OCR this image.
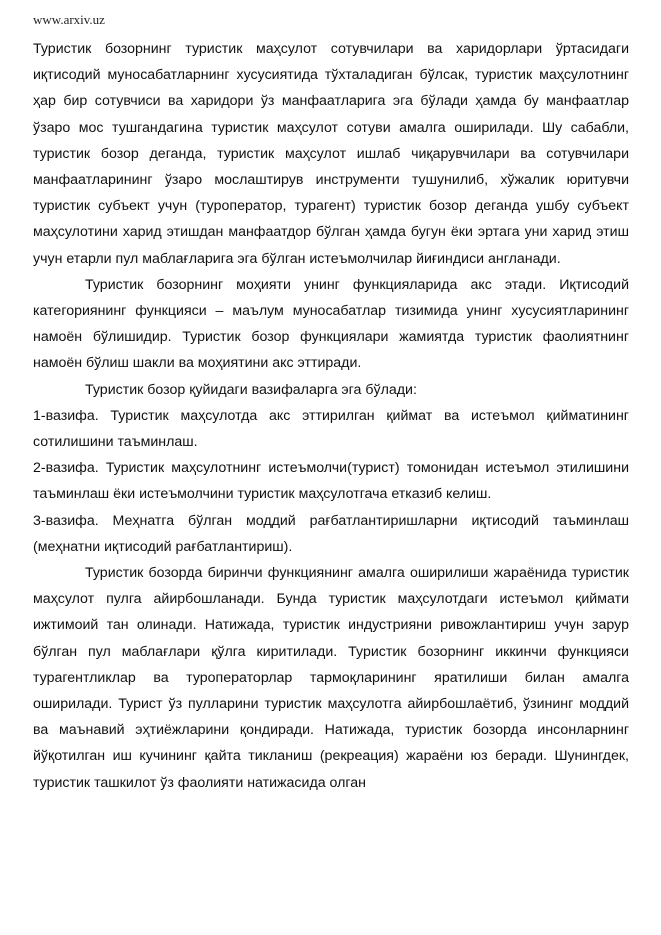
www.arxiv.uz

Туристик бозорнинг туристик маҳсулот сотувчилари ва харидорлари ўртасидаги иқтисодий муносабатларнинг хусусиятида тўхталадиган бўлсак, туристик маҳсулотнинг ҳар бир сотувчиси ва харидори ўз манфаатларига эга бўлади ҳамда бу манфаатлар ўзаро мос тушгандагина туристик маҳсулот сотуви амалга оширилади. Шу сабабли, туристик бозор деганда, туристик маҳсулот ишлаб чиқарувчилари ва сотувчилари манфаатларининг ўзаро мослаштирув инструменти тушунилиб, хўжалик юритувчи туристик субъект учун (туроператор, турагент) туристик бозор деганда ушбу субъект маҳсулотини харид этишдан манфаатдор бўлган ҳамда бугун ёки эртага уни харид этиш учун етарли пул маблағларига эга бўлган истеъмолчилар йиғиндиси англанади.

Туристик бозорнинг моҳияти унинг функцияларида акс этади. Иқтисодий категориянинг функцияси – маълум муносабатлар тизимида унинг хусусиятларининг намоён бўлишидир. Туристик бозор функциялари жамиятда туристик фаолиятнинг намоён бўлиш шакли ва моҳиятини акс эттиради.

Туристик бозор қуйидаги вазифаларга эга бўлади:

1-вазифа. Туристик маҳсулотда акс эттирилган қиймат ва истеъмол қийматининг сотилишини таъминлаш.

2-вазифа. Туристик маҳсулотнинг истеъмолчи(турист) томонидан истеъмол этилишини таъминлаш ёки истеъмолчини туристик маҳсулотгача етказиб келиш.

3-вазифа. Меҳнатга бўлган моддий рағбатлантиришларни иқтисодий таъминлаш (меҳнатни иқтисодий рағбатлантириш).

Туристик бозорда биринчи функциянинг амалга оширилиши жараёнида туристик маҳсулот пулга айирбошланади. Бунда туристик маҳсулотдаги истеъмол қиймати ижтимоий тан олинади. Натижада, туристик индустрияни ривожлантириш учун зарур бўлган пул маблағлари қўлга киритилади. Туристик бозорнинг иккинчи функцияси турагентликлар ва туроператорлар тармоқларининг яратилиши билан амалга оширилади. Турист ўз пулларини туристик маҳсулотга айирбошлаётиб, ўзининг моддий ва маънавий эҳтиёжларини қондиради. Натижада, туристик бозорда инсонларнинг йўқотилган иш кучининг қайта тикланиш (рекреация) жараёни юз беради. Шунингдек, туристик ташкилот ўз фаолияти натижасида олган
